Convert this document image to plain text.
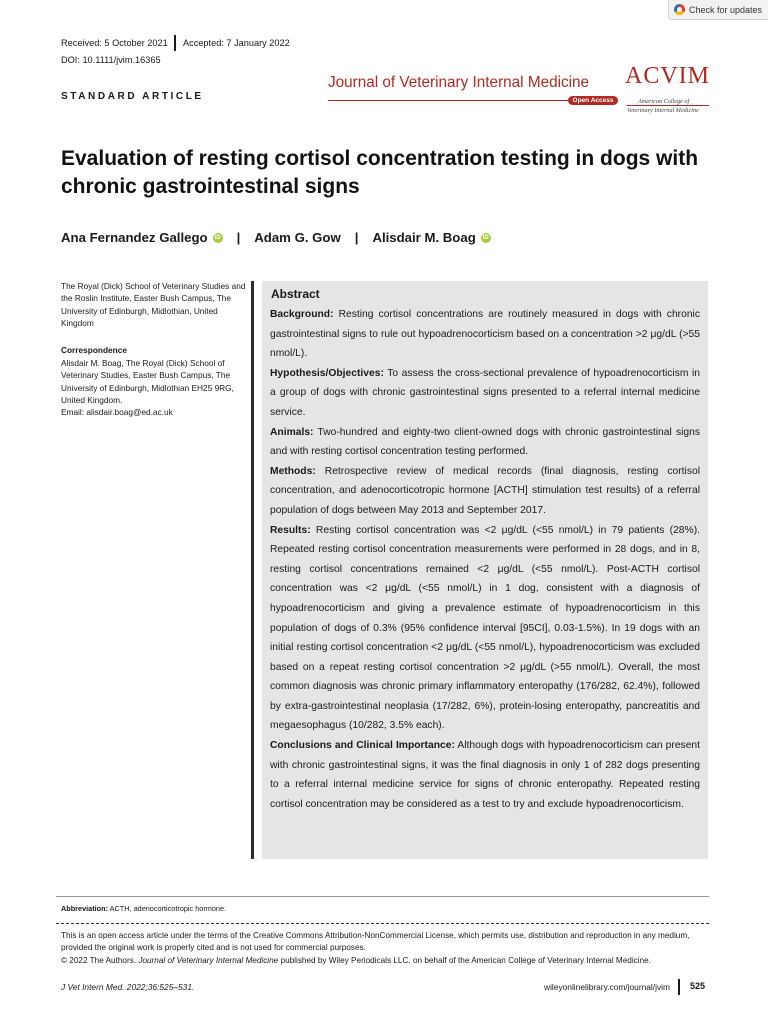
Check for updates
Received: 5 October 2021 Accepted: 7 January 2022
DOI: 10.1111/jvim.16365
STANDARD ARTICLE
Journal of Veterinary Internal Medicine
Open Access
ACVIM
American College of
Veterinary Internal Medicine
Evaluation of resting cortisol concentration testing in dogs with chronic gastrointestinal signs
Ana Fernandez Gallego	iD | Adam G. Gow | Alisdair M. Boag	iD
The Royal (Dick) School of Veterinary Studies and the Roslin Institute, Easter Bush Campus, The University of Edinburgh, Midlothian, United Kingdom
Correspondence
Alisdair M. Boag, The Royal (Dick) School of Veterinary Studies, Easter Bush Campus, The University of Edinburgh, Midlothian EH25 9RG, United Kingdom.
Email: alisdair.boag@ed.ac.uk
Abstract

Background: Resting cortisol concentrations are routinely measured in dogs with chronic gastrointestinal signs to rule out hypoadrenocorticism based on a concentration >2 μg/dL (>55 nmol/L).

Hypothesis/Objectives: To assess the cross-sectional prevalence of hypoadrenocorticism in a group of dogs with chronic gastrointestinal signs presented to a referral internal medicine service.

Animals: Two-hundred and eighty-two client-owned dogs with chronic gastrointestinal signs and with resting cortisol concentration testing performed.

Methods: Retrospective review of medical records (final diagnosis, resting cortisol concentration, and adenocorticotropic hormone [ACTH] stimulation test results) of a referral population of dogs between May 2013 and September 2017.

Results: Resting cortisol concentration was <2 μg/dL (<55 nmol/L) in 79 patients (28%). Repeated resting cortisol concentration measurements were performed in 28 dogs, and in 8, resting cortisol concentrations remained <2 μg/dL (<55 nmol/L). Post-ACTH cortisol concentration was <2 μg/dL (<55 nmol/L) in 1 dog, consistent with a diagnosis of hypoadrenocorticism and giving a prevalence estimate of hypoadrenocorticism in this population of dogs of 0.3% (95% confidence interval [95CI], 0.03-1.5%). In 19 dogs with an initial resting cortisol concentration <2 μg/dL (<55 nmol/L), hypoadrenocorticism was excluded based on a repeat resting cortisol concentration >2 μg/dL (>55 nmol/L). Overall, the most common diagnosis was chronic primary inflammatory enteropathy (176/282, 62.4%), followed by extra-gastrointestinal neoplasia (17/282, 6%), protein-losing enteropathy, pancreatitis and megaesophagus (10/282, 3.5% each).

Conclusions and Clinical Importance: Although dogs with hypoadrenocorticism can present with chronic gastrointestinal signs, it was the final diagnosis in only 1 of 282 dogs presenting to a referral internal medicine service for signs of chronic enteropathy. Repeated resting cortisol concentration may be considered as a test to try and exclude hypoadrenocorticism.

Abbreviation: ACTH, adenocorticotropic hormone.
This is an open access article under the terms of the Creative Commons Attribution-NonCommercial License, which permits use, distribution and reproduction in any medium, provided the original work is properly cited and is not used for commercial purposes.
© 2022 The Authors. Journal of Veterinary Internal Medicine published by Wiley Periodicals LLC. on behalf of the American College of Veterinary Internal Medicine.
J Vet Intern Med. 2022;36:525–531.	wileyonlinelibrary.com/journal/jvim 525
